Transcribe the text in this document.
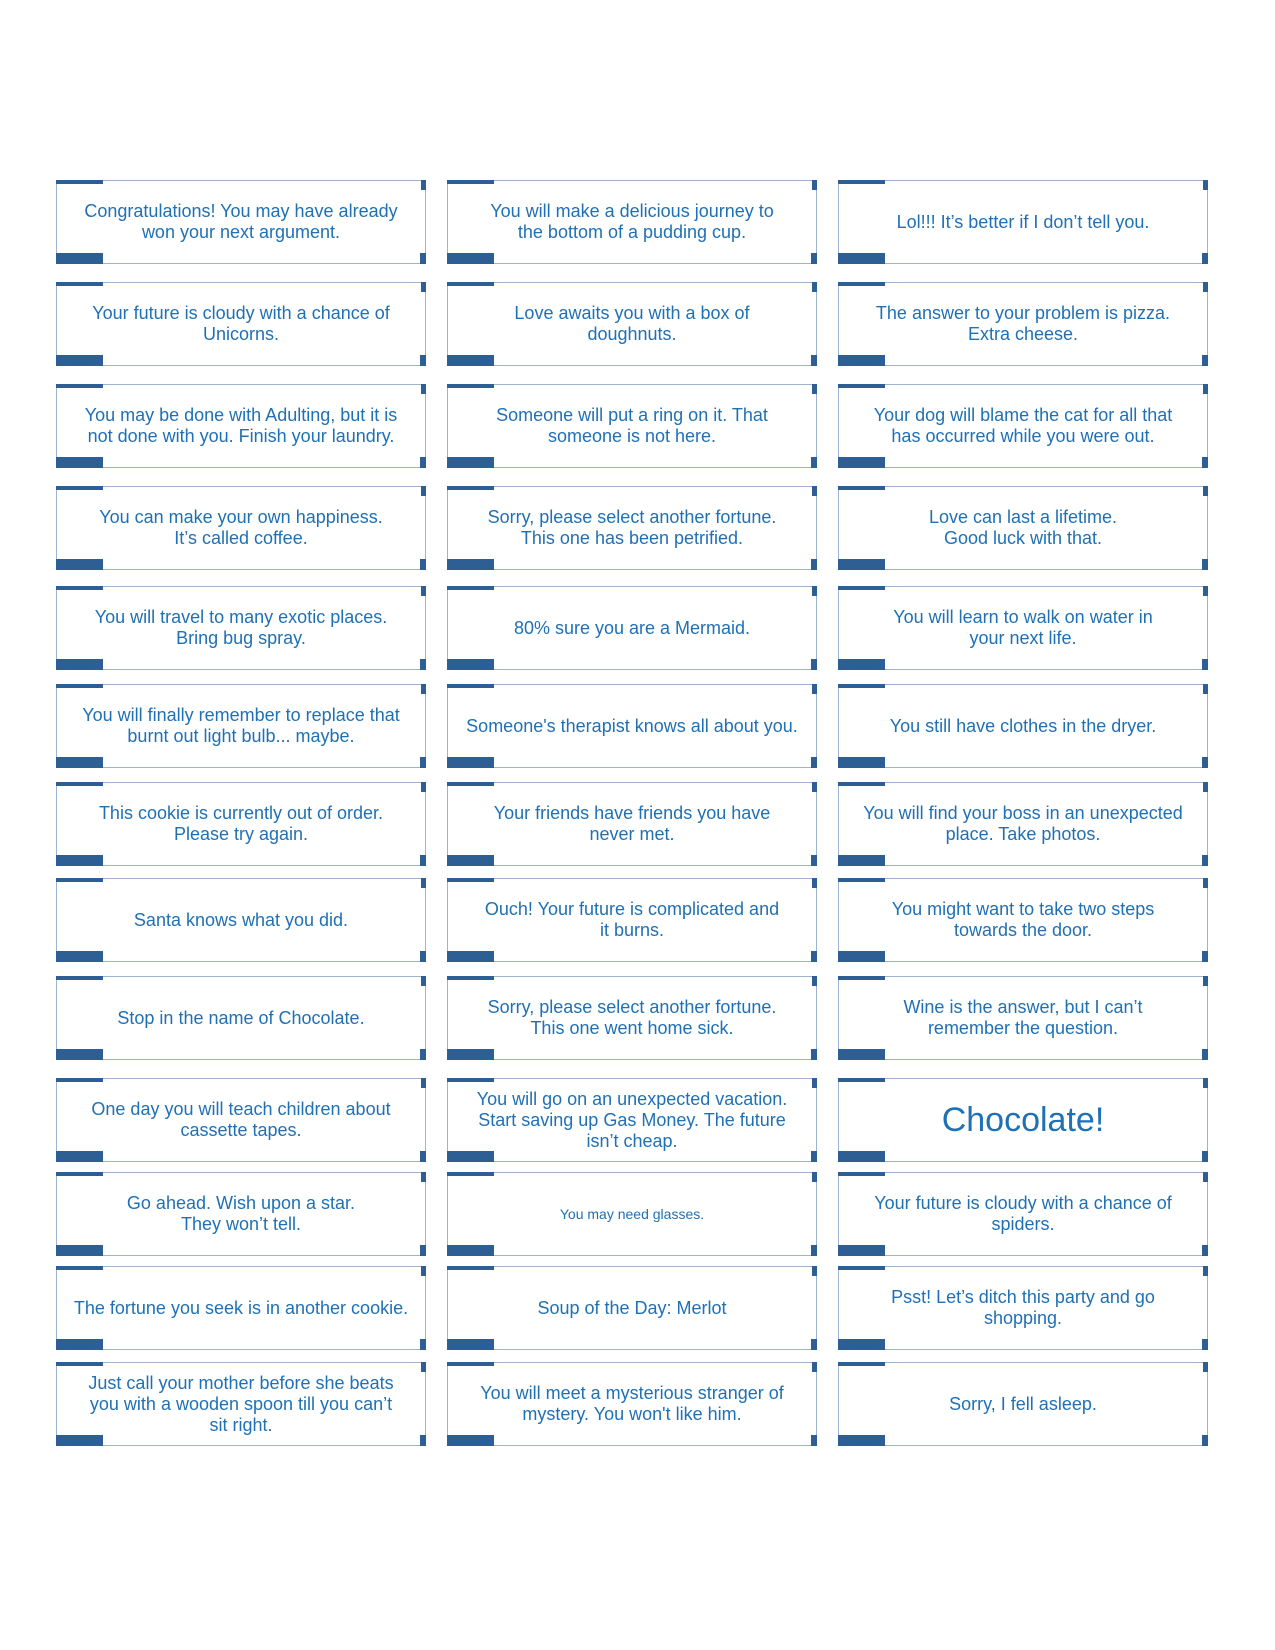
Congratulations! You may have already
won your next argument.
You will make a delicious journey to
the bottom of a pudding cup.
Lol!!! It’s better if I don’t tell you.
Your future is cloudy with a chance of
Unicorns.
Love awaits you with a box of
doughnuts.
The answer to your problem is pizza.
Extra cheese.
You may be done with Adulting, but it is
not done with you. Finish your laundry.
Someone will put a ring on it. That
someone is not here.
Your dog will blame the cat for all that
has occurred while you were out.
You can make your own happiness.
It’s called coffee.
Sorry, please select another fortune.
This one has been petrified.
Love can last a lifetime.
Good luck with that.
You will travel to many exotic places.
Bring bug spray.
80% sure you are a Mermaid.
You will learn to walk on water in
your next life.
You will finally remember to replace that
burnt out light bulb... maybe.
Someone's therapist knows all about you.	You still have clothes in the dryer.
This cookie is currently out of order.
Please try again.
Your friends have friends you have
never met.
You will find your boss in an unexpected
place. Take photos.
Santa knows what you did.
Ouch! Your future is complicated and
it burns.
You might want to take two steps
towards the door.
Stop in the name of Chocolate.
Sorry, please select another fortune.
This one went home sick.
Wine is the answer, but I can’t
remember the question.
One day you will teach children about
cassette tapes.
You will go on an unexpected vacation.
Start saving up Gas Money. The future
isn’t cheap.
Chocolate!
Go ahead. Wish upon a star.
They won’t tell.
You may need glasses.
Your future is cloudy with a chance of
spiders.
The fortune you seek is in another cookie.	Soup of the Day: Merlot
Psst! Let’s ditch this party and go
shopping.
Just call your mother before she beats
you with a wooden spoon till you can’t
sit right.
You will meet a mysterious stranger of
mystery. You won't like him.
Sorry, I fell asleep.
